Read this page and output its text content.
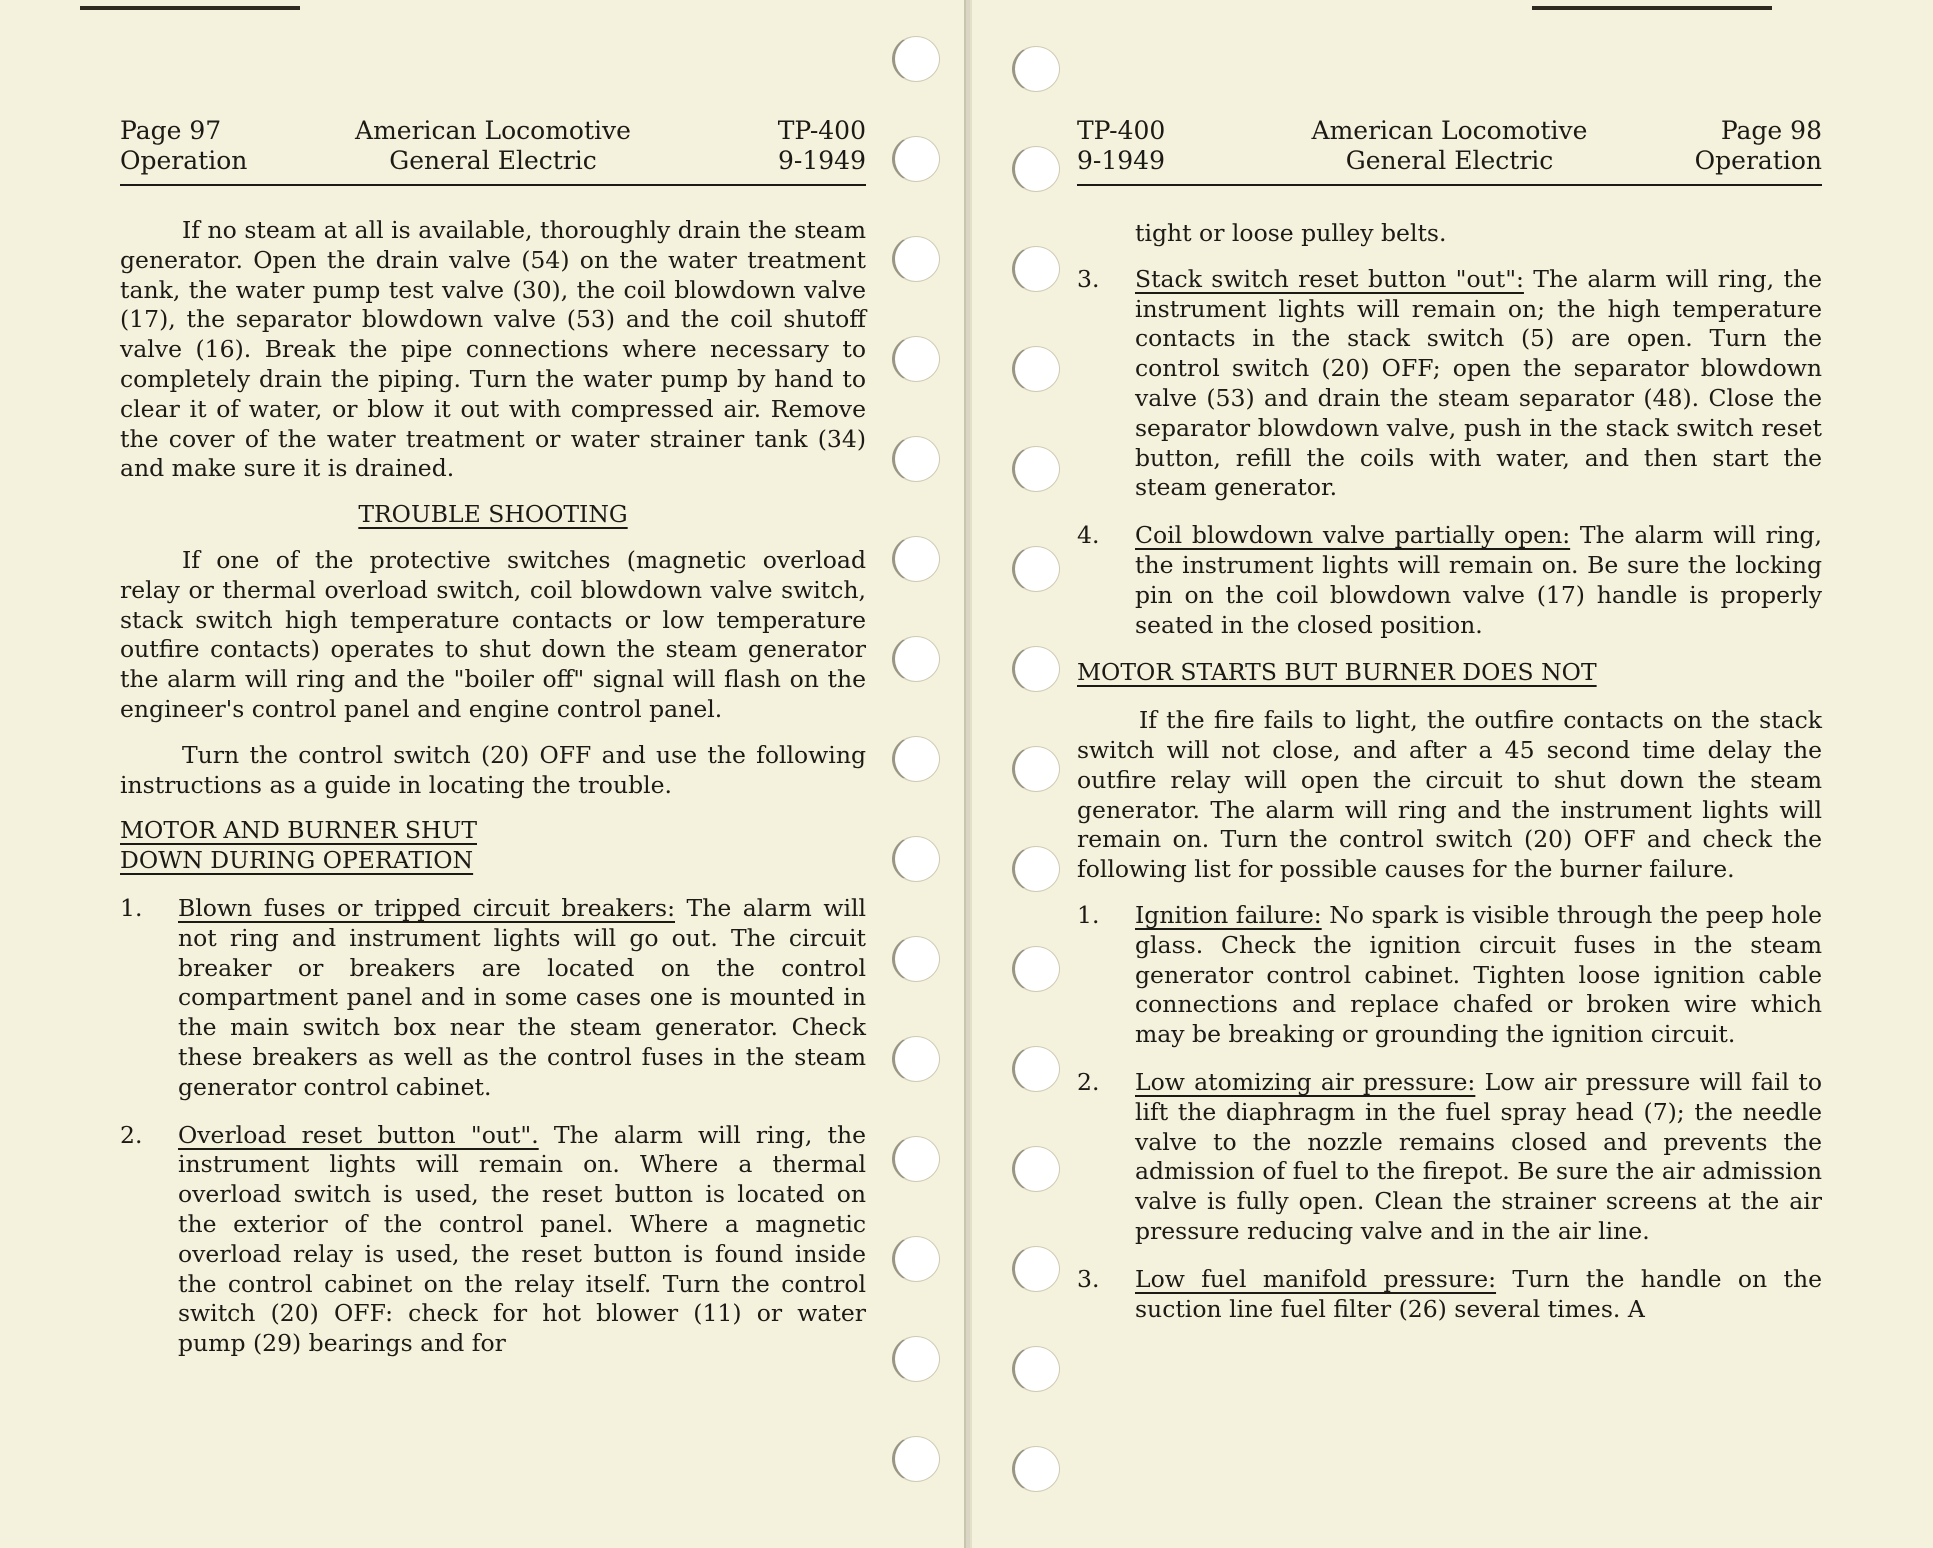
Page 97
Operation
American Locomotive
General Electric
TP-400
9-1949

If no steam at all is available, thoroughly drain the steam generator. Open the drain valve (54) on the water treatment tank, the water pump test valve (30), the coil blowdown valve (17), the separator blowdown valve (53) and the coil shutoff valve (16). Break the pipe connections where necessary to completely drain the piping. Turn the water pump by hand to clear it of water, or blow it out with compressed air. Remove the cover of the water treatment or water strainer tank (34) and make sure it is drained.

TROUBLE SHOOTING

If one of the protective switches (magnetic overload relay or thermal overload switch, coil blowdown valve switch, stack switch high temperature contacts or low temperature outfire contacts) operates to shut down the steam generator the alarm will ring and the "boiler off" signal will flash on the engineer's control panel and engine control panel.

Turn the control switch (20) OFF and use the following instructions as a guide in locating the trouble.

MOTOR AND BURNER SHUT
DOWN DURING OPERATION
1. Blown fuses or tripped circuit breakers: The alarm will not ring and instrument lights will go out. The circuit breaker or breakers are located on the control compartment panel and in some cases one is mounted in the main switch box near the steam generator. Check these breakers as well as the control fuses in the steam generator control cabinet.
2. Overload reset button "out". The alarm will ring, the instrument lights will remain on. Where a thermal overload switch is used, the reset button is located on the exterior of the control panel. Where a magnetic overload relay is used, the reset button is found inside the control cabinet on the relay itself. Turn the control switch (20) OFF: check for hot blower (11) or water pump (29) bearings and for
TP-400
9-1949
American Locomotive
General Electric
Page 98
Operation

tight or loose pulley belts.

3. Stack switch reset button "out": The alarm will ring, the instrument lights will remain on; the high temperature contacts in the stack switch (5) are open. Turn the control switch (20) OFF; open the separator blowdown valve (53) and drain the steam separator (48). Close the separator blowdown valve, push in the stack switch reset button, refill the coils with water, and then start the steam generator.
4. Coil blowdown valve partially open: The alarm will ring, the instrument lights will remain on. Be sure the locking pin on the coil blowdown valve (17) handle is properly seated in the closed position.
MOTOR STARTS BUT BURNER DOES NOT

If the fire fails to light, the outfire contacts on the stack switch will not close, and after a 45 second time delay the outfire relay will open the circuit to shut down the steam generator. The alarm will ring and the instrument lights will remain on. Turn the control switch (20) OFF and check the following list for possible causes for the burner failure.

1. Ignition failure: No spark is visible through the peep hole glass. Check the ignition circuit fuses in the steam generator control cabinet. Tighten loose ignition cable connections and replace chafed or broken wire which may be breaking or grounding the ignition circuit.
2. Low atomizing air pressure: Low air pressure will fail to lift the diaphragm in the fuel spray head (7); the needle valve to the nozzle remains closed and prevents the admission of fuel to the firepot. Be sure the air admission valve is fully open. Clean the strainer screens at the air pressure reducing valve and in the air line.
3. Low fuel manifold pressure: Turn the handle on the suction line fuel filter (26) several times. A
